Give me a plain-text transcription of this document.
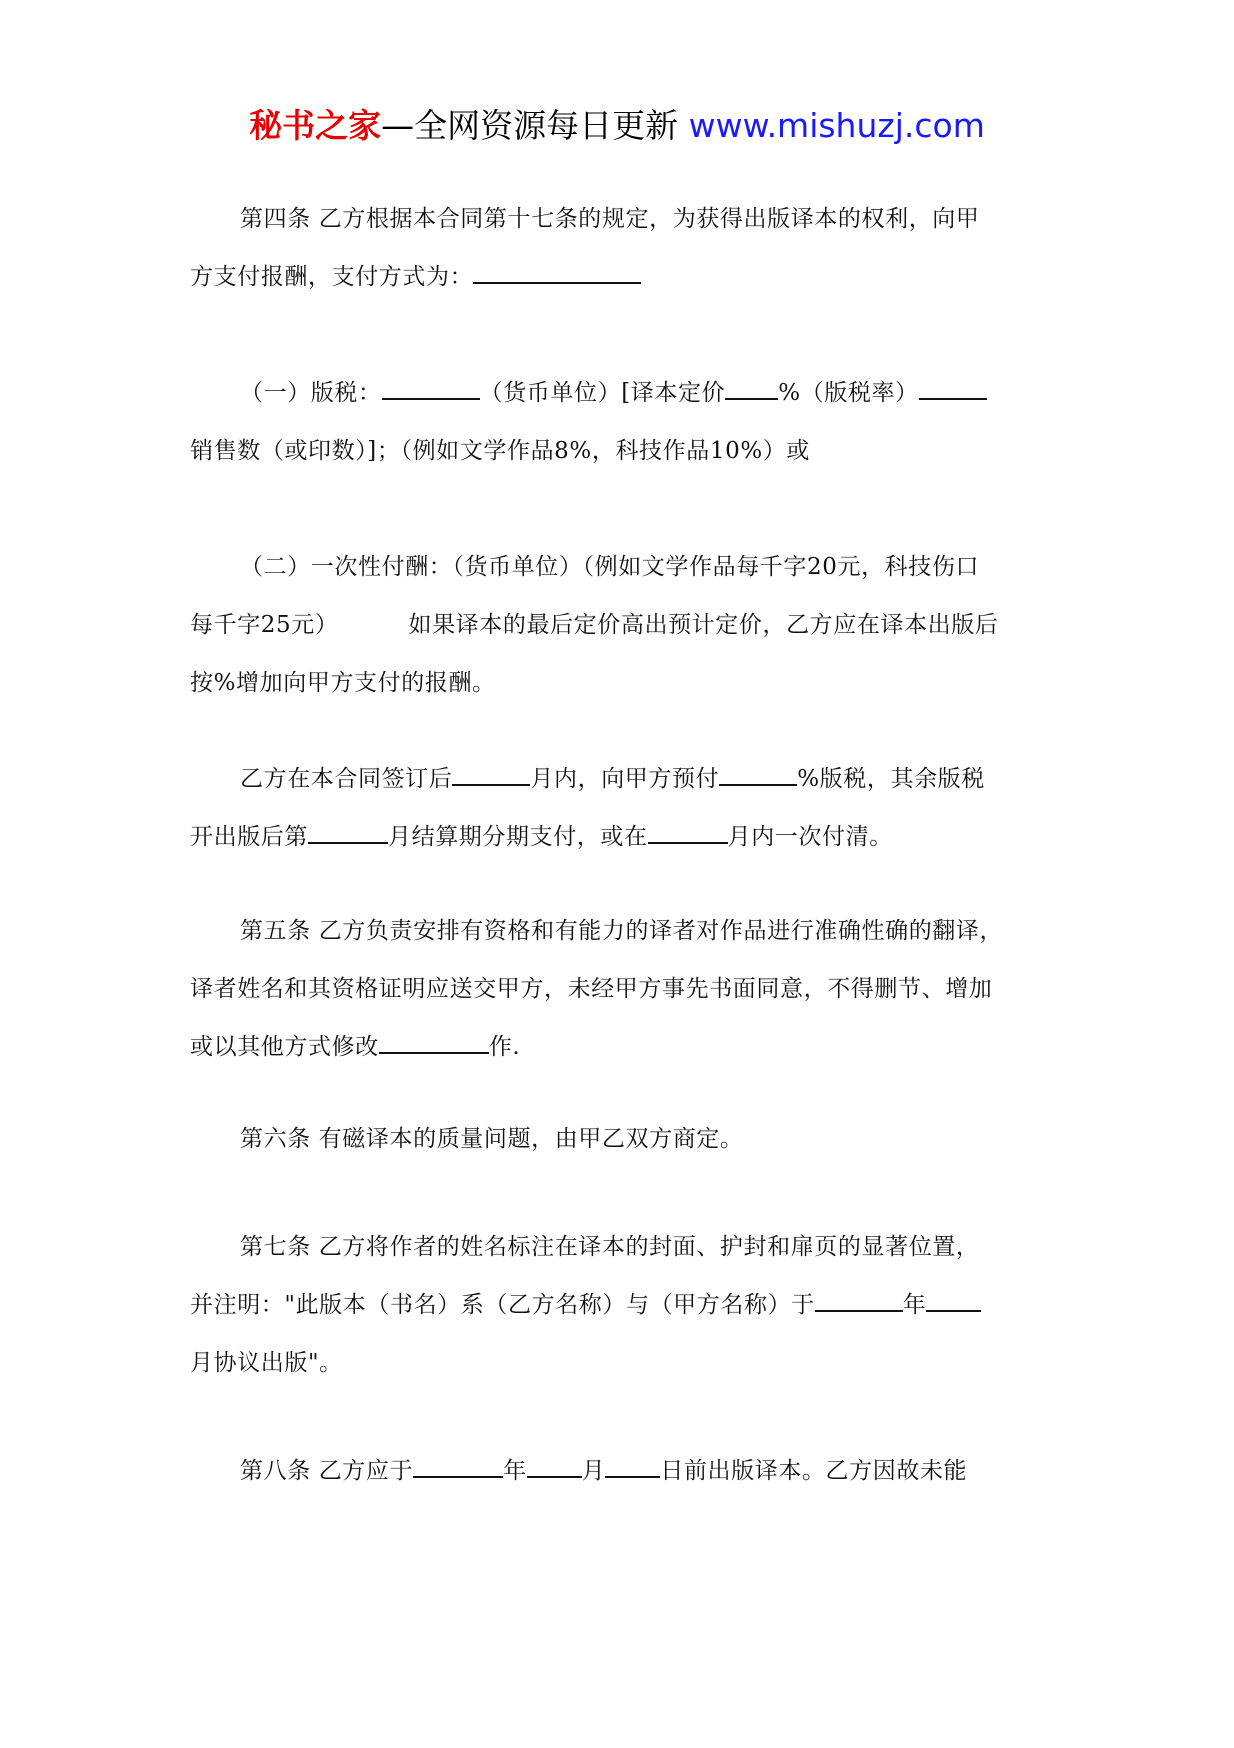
秘书之家—全网资源每日更新 www.mishuzj.com
第四条 乙方根据本合同第十七条的规定，为获得出版译本的权利，向甲
方支付报酬，支付方式为：
（一）版税：	（货币单位）[译本定价 %（版税率）
销售数（或印数）]；（例如文学作品8%，科技作品10%）或
（二）一次性付酬：（货币单位）（例如文学作品每千字20元，科技伤口
每千字25元）	如果译本的最后定价高出预计定价，乙方应在译本出版后
按%增加向甲方支付的报酬。
乙方在本合同签订后	月内，向甲方预付	%版税，其余版税
开出版后第	月结算期分期支付，或在	月内一次付清。
第五条 乙方负责安排有资格和有能力的译者对作品进行准确性确的翻译，
译者姓名和其资格证明应送交甲方，未经甲方事先书面同意，不得删节、增加
或以其他方式修改	作.
第六条 有磁译本的质量问题，由甲乙双方商定。
第七条 乙方将作者的姓名标注在译本的封面、护封和扉页的显著位置，
并注明："此版本（书名）系（乙方名称）与（甲方名称）于	年
月协议出版"。
第八条 乙方应于	年 月 日前出版译本。乙方因故未能
